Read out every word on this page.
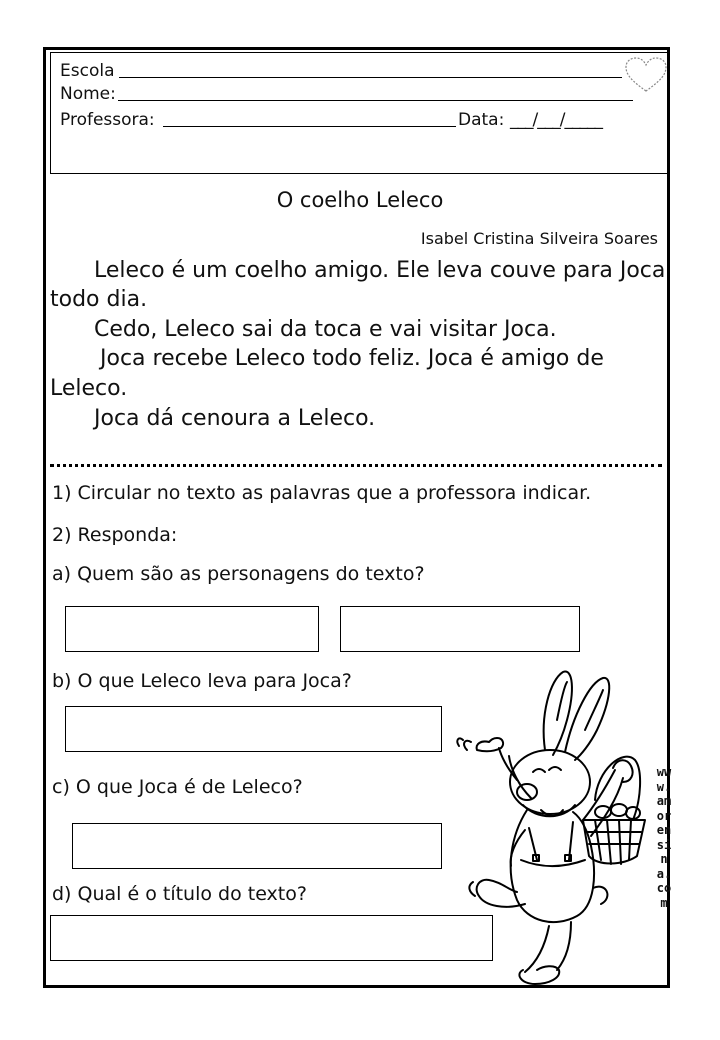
Escola
Nome:
Professora:	Data: ___/___/_____
O coelho Leleco
Isabel Cristina Silveira Soares
Leleco é um coelho amigo. Ele leva couve para Joca
todo dia.
Cedo, Leleco sai da toca e vai visitar Joca.
Joca recebe Leleco todo feliz. Joca é amigo de
Leleco.
Joca dá cenoura a Leleco.
1) Circular no texto as palavras que a professora indicar.
2) Responda:
a) Quem são as personagens do texto?
b) O que Leleco leva para Joca?
c) O que Joca é de Leleco?
d) Qual é o título do texto?
www.amorensina.com
